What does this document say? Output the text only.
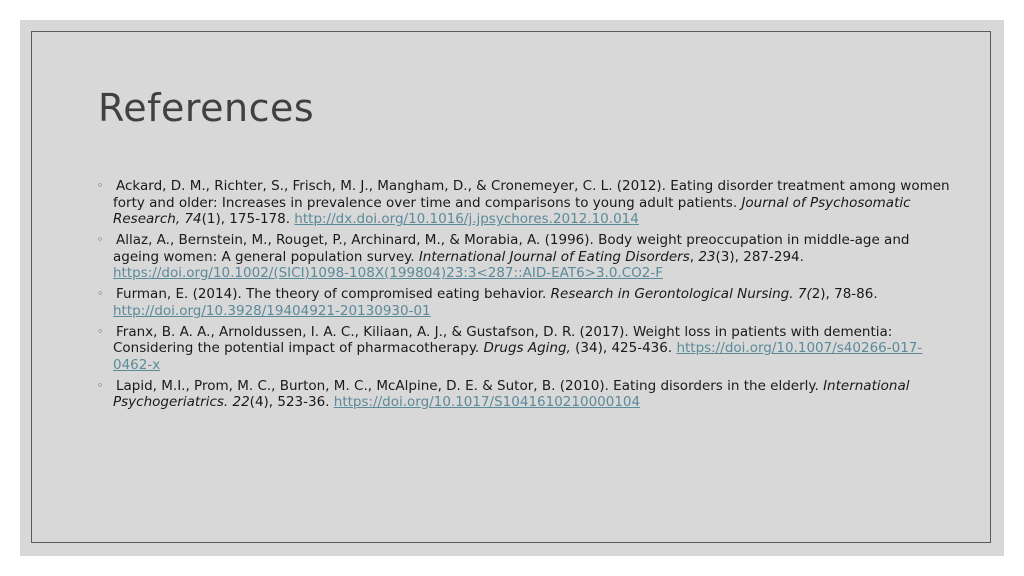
References
◦ Ackard, D. M., Richter, S., Frisch, M. J., Mangham, D., & Cronemeyer, C. L. (2012). Eating disorder treatment among women forty and older: Increases in prevalence over time and comparisons to young adult patients. Journal of Psychosomatic Research, 74(1), 175-178. http://dx.doi.org/10.1016/j.jpsychores.2012.10.014
◦ Allaz, A., Bernstein, M., Rouget, P., Archinard, M., & Morabia, A. (1996). Body weight preoccupation in middle-age and ageing women: A general population survey. International Journal of Eating Disorders, 23(3), 287-294. https://doi.org/10.1002/(SICI)1098-108X(199804)23:3<287::AID-EAT6>3.0.CO2-F
◦ Furman, E. (2014). The theory of compromised eating behavior. Research in Gerontological Nursing. 7(2), 78-86. http://doi.org/10.3928/19404921-20130930-01
◦ Franx, B. A. A., Arnoldussen, I. A. C., Kiliaan, A. J., & Gustafson, D. R. (2017). Weight loss in patients with dementia: Considering the potential impact of pharmacotherapy. Drugs Aging, (34), 425-436. https://doi.org/10.1007/s40266-017-0462-x
◦ Lapid, M.I., Prom, M. C., Burton, M. C., McAlpine, D. E. & Sutor, B. (2010). Eating disorders in the elderly. International Psychogeriatrics. 22(4), 523-36. https://doi.org/10.1017/S1041610210000104
